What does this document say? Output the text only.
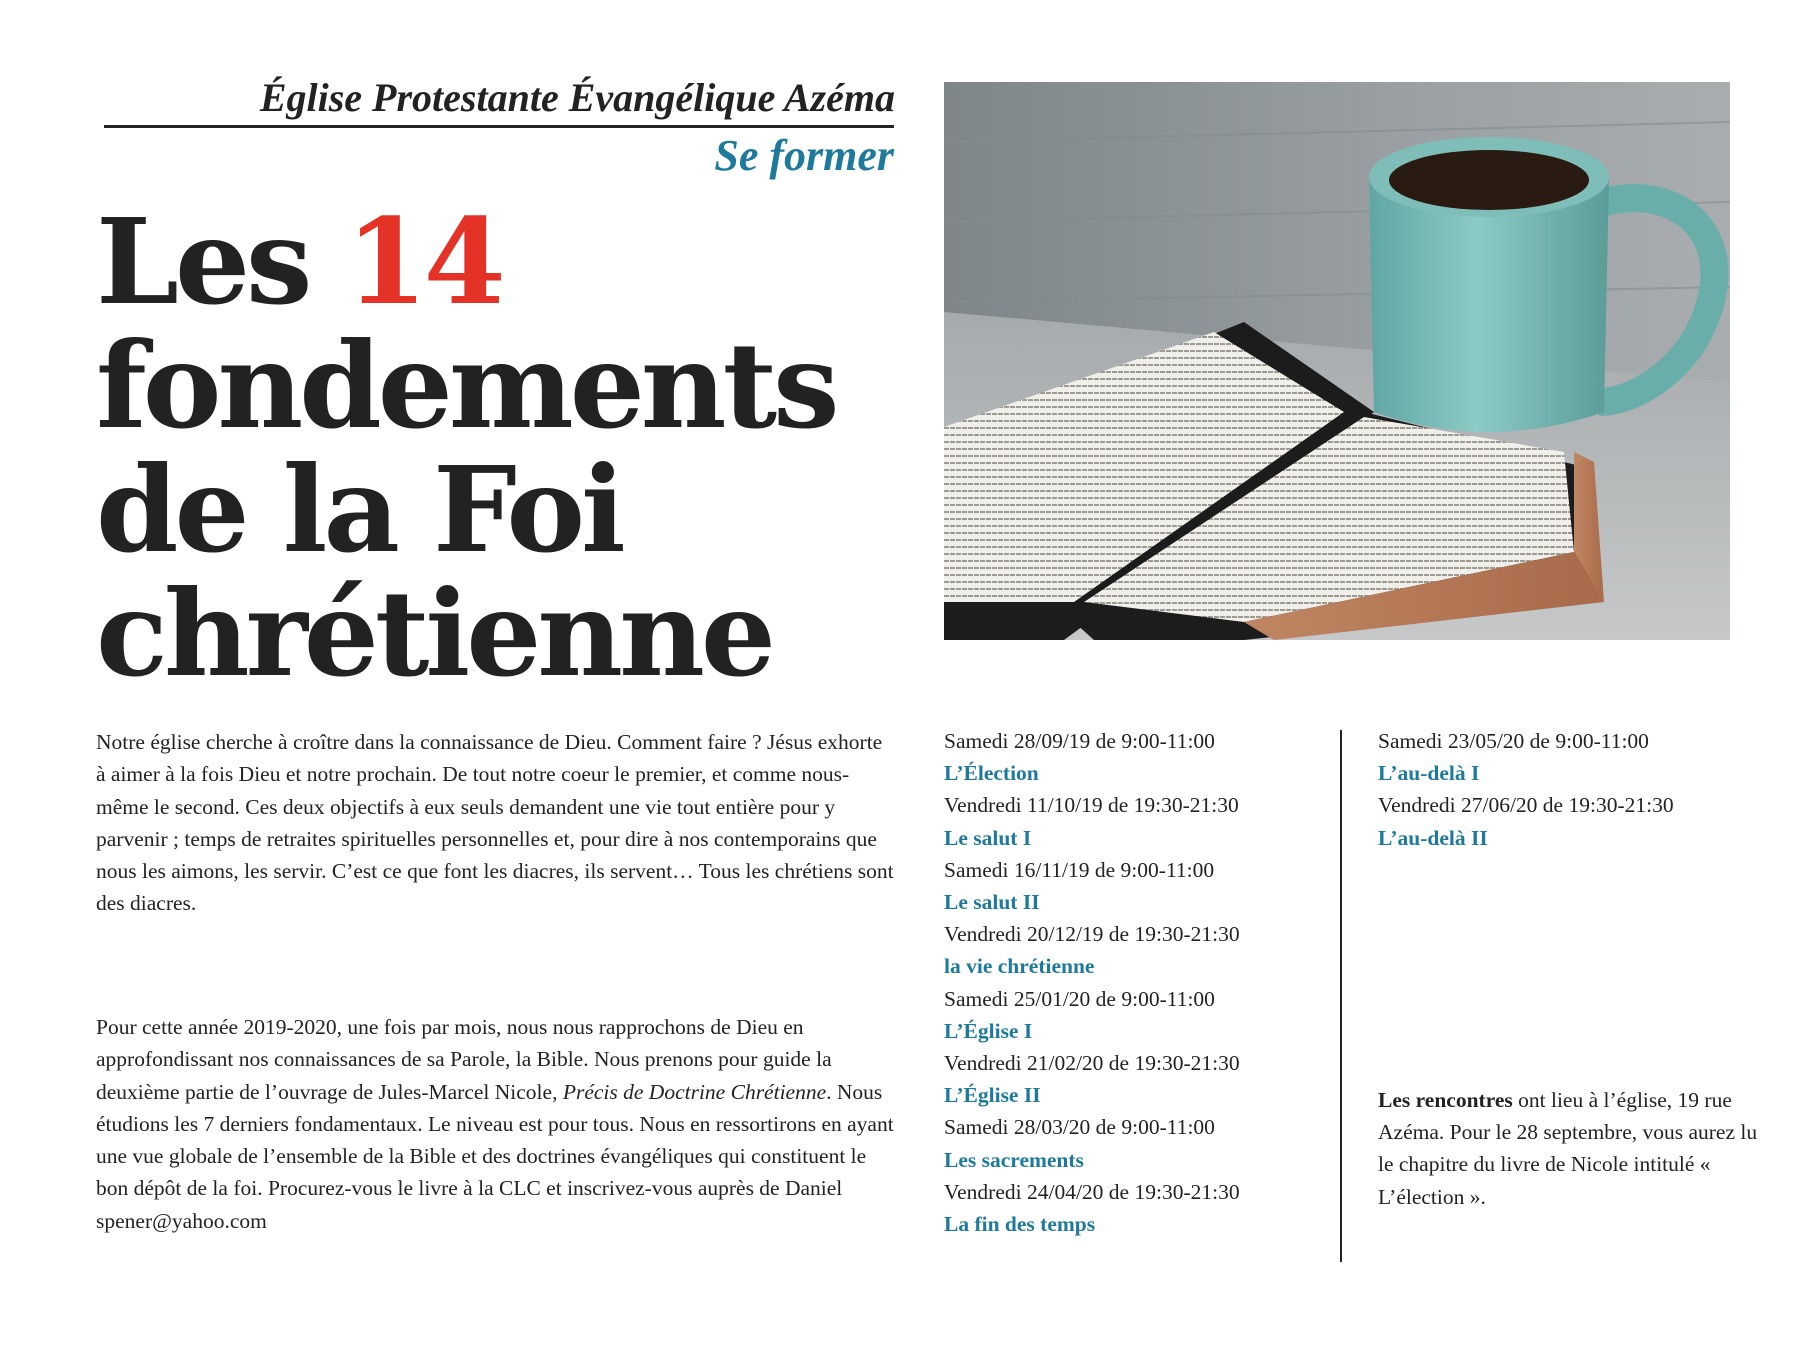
Église Protestante Évangélique Azéma
Se former
Les 14
fondements
de la Foi
chrétienne

Notre église cherche à croître dans la connaissance de Dieu. Comment faire ? Jésus exhorte à aimer à la fois Dieu et notre prochain. De tout notre coeur le premier, et comme nous-même le second. Ces deux objectifs à eux seuls demandent une vie tout entière pour y parvenir ; temps de retraites spirituelles personnelles et, pour dire à nos contemporains que nous les aimons, les servir. C’est ce que font les diacres, ils servent… Tous les chrétiens sont des diacres.

Pour cette année 2019-2020, une fois par mois, nous nous rapprochons de Dieu en approfondissant nos connaissances de sa Parole, la Bible. Nous prenons pour guide la deuxième partie de l’ouvrage de Jules-Marcel Nicole, Précis de Doctrine Chrétienne. Nous étudions les 7 derniers fondamentaux. Le niveau est pour tous. Nous en ressortirons en ayant une vue globale de l’ensemble de la Bible et des doctrines évangéliques qui constituent le bon dépôt de la foi. Procurez-vous le livre à la CLC et inscrivez-vous auprès de Daniel spener@yahoo.com

Samedi 28/09/19 de 9:00-11:00
L’Élection
Vendredi 11/10/19 de 19:30-21:30
Le salut I
Samedi 16/11/19 de 9:00-11:00
Le salut II
Vendredi 20/12/19 de 19:30-21:30
la vie chrétienne
Samedi 25/01/20 de 9:00-11:00
L’Église I
Vendredi 21/02/20 de 19:30-21:30
L’Église II
Samedi 28/03/20 de 9:00-11:00
Les sacrements
Vendredi 24/04/20 de 19:30-21:30
La fin des temps
Samedi 23/05/20 de 9:00-11:00
L’au-delà I
Vendredi 27/06/20 de 19:30-21:30
L’au-delà II
Les rencontres ont lieu à l’église, 19 rue Azéma. Pour le 28 septembre, vous aurez lu le chapitre du livre de Nicole intitulé « L’élection ».
